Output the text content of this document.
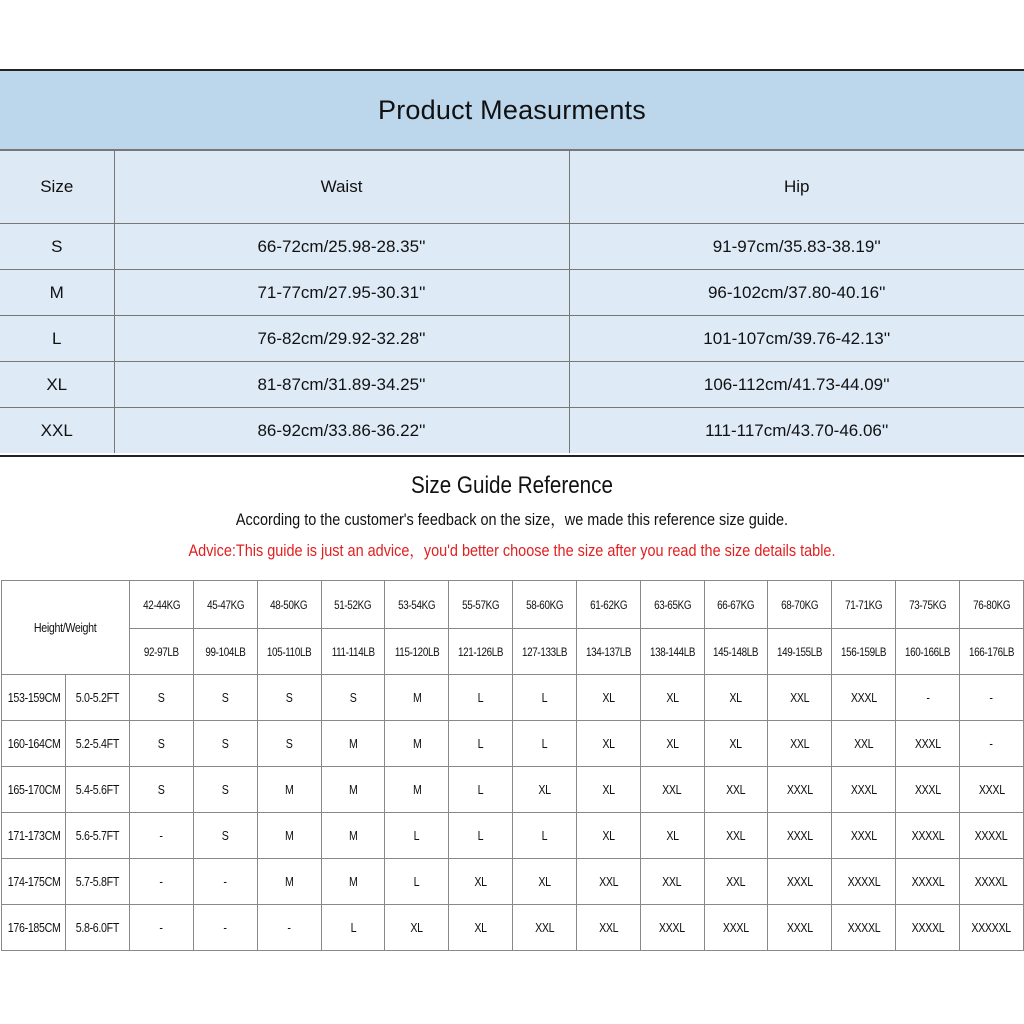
Product Measurments
Size	Waist	Hip
S	66-72cm/25.98-28.35''	91-97cm/35.83-38.19''
M	71-77cm/27.95-30.31''	96-102cm/37.80-40.16''
L	76-82cm/29.92-32.28''	101-107cm/39.76-42.13''
XL	81-87cm/31.89-34.25''	106-112cm/41.73-44.09''
XXL	86-92cm/33.86-36.22''	111-117cm/43.70-46.06''
Size Guide Reference
According to the customer's feedback on the size，we made this reference size guide.
Advice:This guide is just an advice，you'd better choose the size after you read the size details table.
Height/Weight		42-44KG	45-47KG	48-50KG	51-52KG	53-54KG	55-57KG	58-60KG	61-62KG	63-65KG	66-67KG	68-70KG	71-71KG	73-75KG	76-80KG
		92-97LB	99-104LB	105-110LB	111-114LB	115-120LB	121-126LB	127-133LB	134-137LB	138-144LB	145-148LB	149-155LB	156-159LB	160-166LB	166-176LB
153-159CM	5.0-5.2FT	S	S	S	S	M	L	L	XL	XL	XL	XXL	XXXL	-	-
160-164CM	5.2-5.4FT	S	S	S	M	M	L	L	XL	XL	XL	XXL	XXL	XXXL	-
165-170CM	5.4-5.6FT	S	S	M	M	M	L	XL	XL	XXL	XXL	XXXL	XXXL	XXXL	XXXL
171-173CM	5.6-5.7FT	-	S	M	M	L	L	L	XL	XL	XXL	XXXL	XXXL	XXXXL	XXXXL
174-175CM	5.7-5.8FT	-	-	M	M	L	XL	XL	XXL	XXL	XXL	XXXL	XXXXL	XXXXL	XXXXL
176-185CM	5.8-6.0FT	-	-	-	L	XL	XL	XXL	XXL	XXXL	XXXL	XXXL	XXXXL	XXXXL	XXXXXL
